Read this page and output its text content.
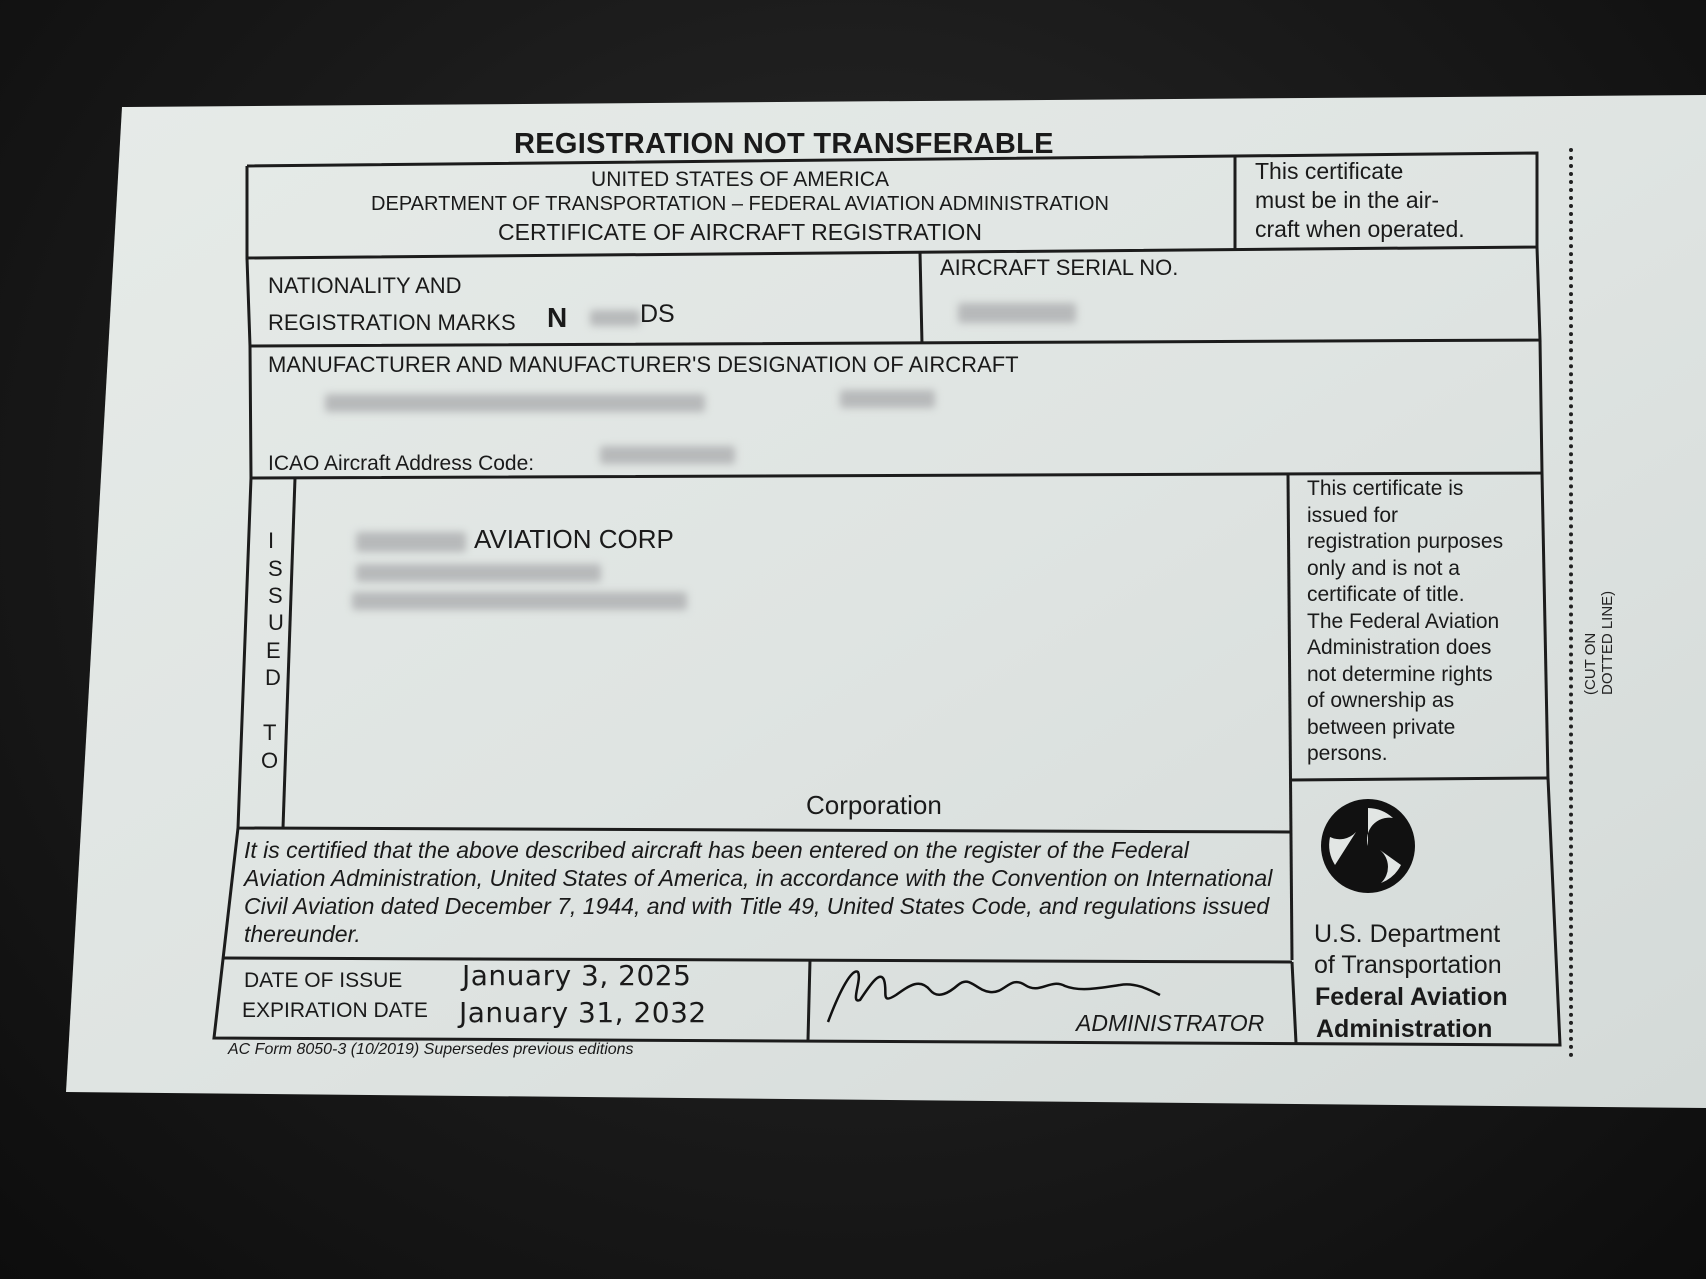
REGISTRATION NOT TRANSFERABLE
UNITED STATES OF AMERICA
DEPARTMENT OF TRANSPORTATION – FEDERAL AVIATION ADMINISTRATION
CERTIFICATE OF AIRCRAFT REGISTRATION
This certificate
must be in the air-
craft when operated.
NATIONALITY AND
REGISTRATION MARKS N	DS
AIRCRAFT SERIAL NO.
MANUFACTURER AND MANUFACTURER'S DESIGNATION OF AIRCRAFT
ICAO Aircraft Address Code:
I
S
S
U
E
D
T
O
AVIATION CORP
Corporation
This certificate is
issued for
registration purposes
only and is not a
certificate of title.
The Federal Aviation
Administration does
not determine rights
of ownership as
between private
persons.
It is certified that the above described aircraft has been entered on the register of the Federal Aviation Administration, United States of America, in accordance with the Convention on International Civil Aviation dated December 7, 1944, and with Title 49, United States Code, and regulations issued thereunder.
DATE OF ISSUE January 3, 2025
EXPIRATION DATE January 31, 2032	ADMINISTRATOR
U.S. Department
of Transportation
Federal Aviation
Administration
AC Form 8050-3 (10/2019) Supersedes previous editions
(CUT ON DOTTED LINE)
